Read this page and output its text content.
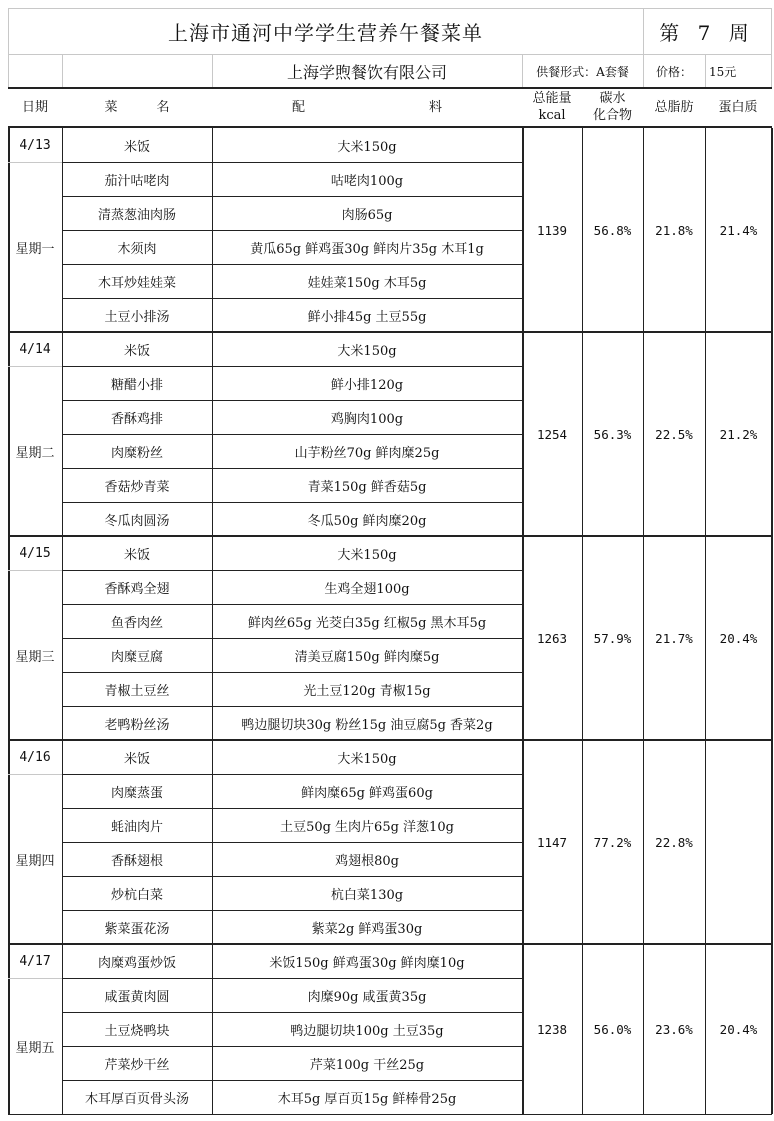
上海市通河中学学生营养午餐菜单	第 7 周
上海学煦餐饮有限公司	供餐形式：A套餐	价格：	15元
日期	菜　　　名	配	料
总能量
kcal
碳水
化合物
总脂肪 蛋白质
4/13
星期一
米饭	大米150g
茄汁咕咾肉	咕咾肉100g
清蒸葱油肉肠	肉肠65g
木须肉	黄瓜65g 鲜鸡蛋30g 鲜肉片35g 木耳1g
木耳炒娃娃菜	娃娃菜150g 木耳5g
土豆小排汤	鲜小排45g 土豆55g
1139	56.8%	21.8%	21.4%
4/14
星期二
米饭	大米150g
糖醋小排	鲜小排120g
香酥鸡排	鸡胸肉100g
肉糜粉丝	山芋粉丝70g 鲜肉糜25g
香菇炒青菜	青菜150g 鲜香菇5g
冬瓜肉圆汤	冬瓜50g 鲜肉糜20g
1254	56.3%	22.5%	21.2%
4/15
星期三
米饭	大米150g
香酥鸡全翅	生鸡全翅100g
鱼香肉丝	鲜肉丝65g 光茭白35g 红椒5g 黑木耳5g
肉糜豆腐	清美豆腐150g 鲜肉糜5g
青椒土豆丝	光土豆120g 青椒15g
老鸭粉丝汤	鸭边腿切块30g 粉丝15g 油豆腐5g 香菜2g
1263	57.9%	21.7%	20.4%
4/16
星期四
米饭	大米150g
肉糜蒸蛋	鲜肉糜65g 鲜鸡蛋60g
蚝油肉片	土豆50g 生肉片65g 洋葱10g
香酥翅根	鸡翅根80g
炒杭白菜	杭白菜130g
紫菜蛋花汤	紫菜2g 鲜鸡蛋30g
1147	77.2%	22.8%
4/17
星期五
肉糜鸡蛋炒饭	米饭150g 鲜鸡蛋30g 鲜肉糜10g
咸蛋黄肉圆	肉糜90g 咸蛋黄35g
土豆烧鸭块	鸭边腿切块100g 土豆35g
芹菜炒干丝	芹菜100g 干丝25g
木耳厚百页骨头汤	木耳5g 厚百页15g 鲜棒骨25g
1238	56.0%	23.6%	20.4%
